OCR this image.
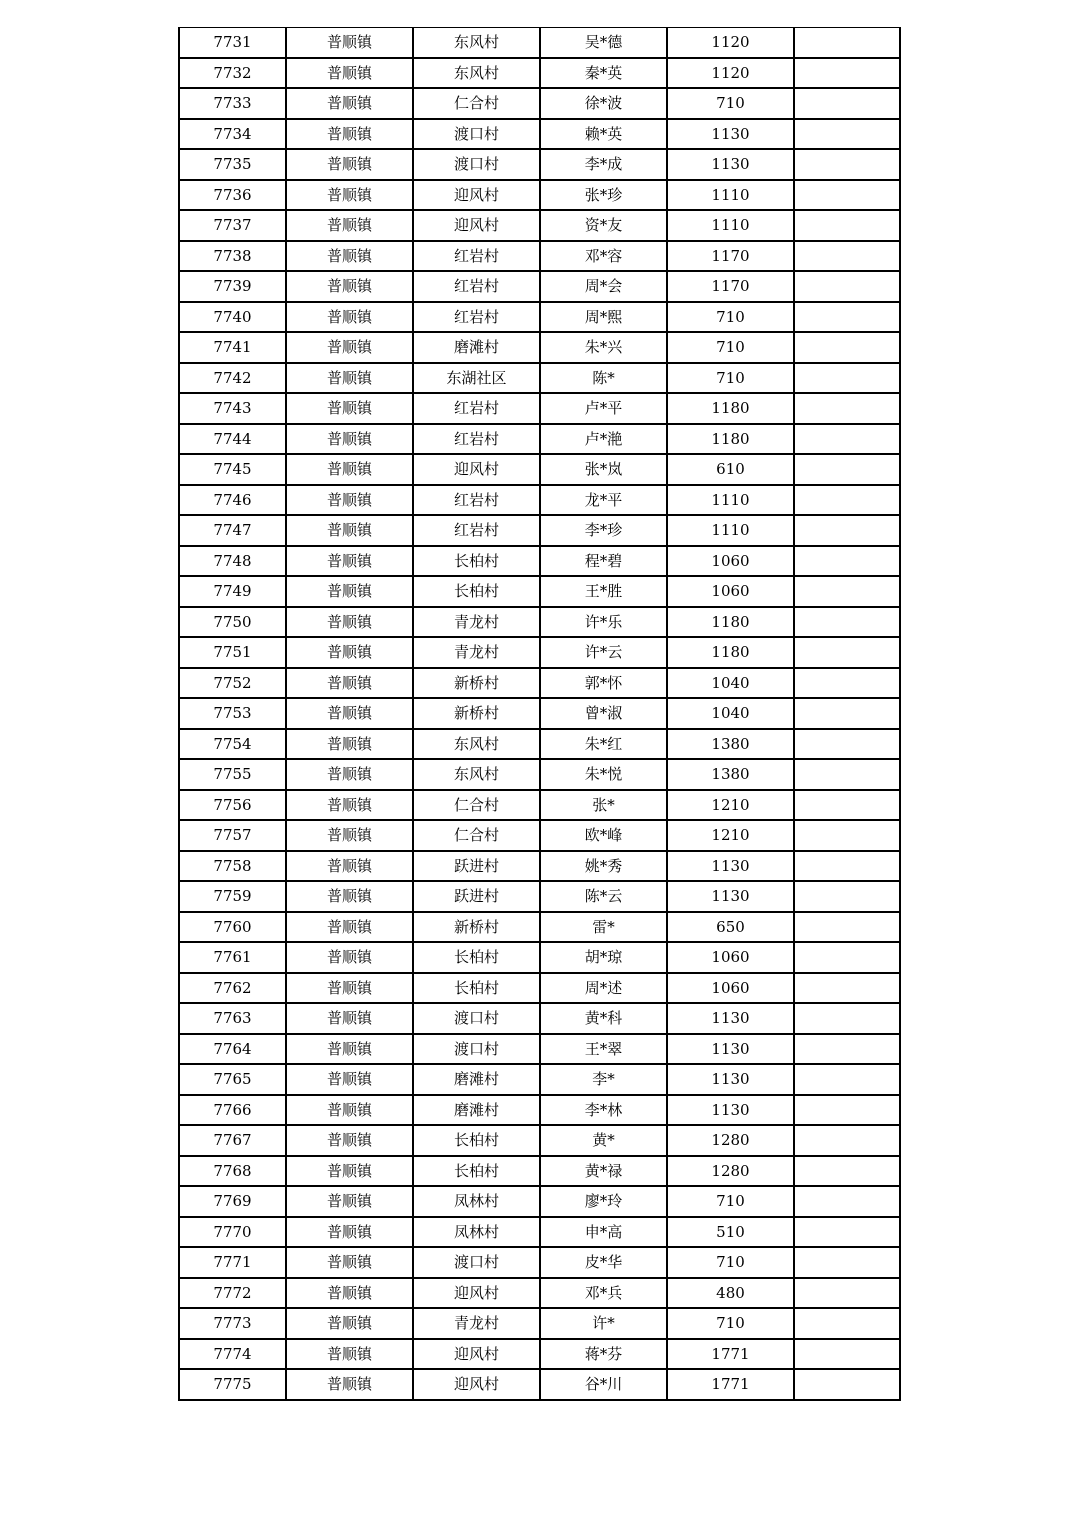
7731	普顺镇	东风村	吴*德	1120	
7732	普顺镇	东风村	秦*英	1120	
7733	普顺镇	仁合村	徐*波	710	
7734	普顺镇	渡口村	赖*英	1130	
7735	普顺镇	渡口村	李*成	1130	
7736	普顺镇	迎风村	张*珍	1110	
7737	普顺镇	迎风村	资*友	1110	
7738	普顺镇	红岩村	邓*容	1170	
7739	普顺镇	红岩村	周*会	1170	
7740	普顺镇	红岩村	周*熙	710	
7741	普顺镇	磨滩村	朱*兴	710	
7742	普顺镇	东湖社区	陈*	710	
7743	普顺镇	红岩村	卢*平	1180	
7744	普顺镇	红岩村	卢*滟	1180	
7745	普顺镇	迎风村	张*岚	610	
7746	普顺镇	红岩村	龙*平	1110	
7747	普顺镇	红岩村	李*珍	1110	
7748	普顺镇	长柏村	程*碧	1060	
7749	普顺镇	长柏村	王*胜	1060	
7750	普顺镇	青龙村	许*乐	1180	
7751	普顺镇	青龙村	许*云	1180	
7752	普顺镇	新桥村	郭*怀	1040	
7753	普顺镇	新桥村	曾*淑	1040	
7754	普顺镇	东风村	朱*红	1380	
7755	普顺镇	东风村	朱*悦	1380	
7756	普顺镇	仁合村	张*	1210	
7757	普顺镇	仁合村	欧*峰	1210	
7758	普顺镇	跃进村	姚*秀	1130	
7759	普顺镇	跃进村	陈*云	1130	
7760	普顺镇	新桥村	雷*	650	
7761	普顺镇	长柏村	胡*琼	1060	
7762	普顺镇	长柏村	周*述	1060	
7763	普顺镇	渡口村	黄*科	1130	
7764	普顺镇	渡口村	王*翠	1130	
7765	普顺镇	磨滩村	李*	1130	
7766	普顺镇	磨滩村	李*林	1130	
7767	普顺镇	长柏村	黄*	1280	
7768	普顺镇	长柏村	黄*禄	1280	
7769	普顺镇	凤林村	廖*玲	710	
7770	普顺镇	凤林村	申*高	510	
7771	普顺镇	渡口村	皮*华	710	
7772	普顺镇	迎风村	邓*兵	480	
7773	普顺镇	青龙村	许*	710	
7774	普顺镇	迎风村	蒋*芬	1771	
7775	普顺镇	迎风村	谷*川	1771	
